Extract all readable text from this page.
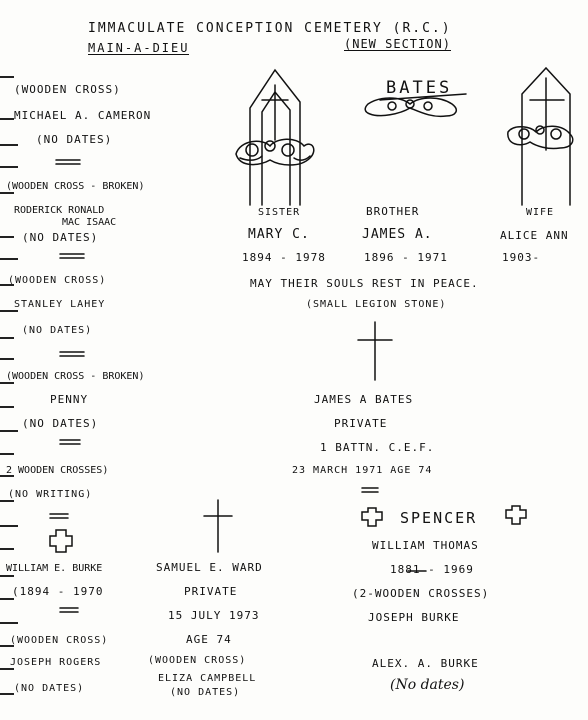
IMMACULATE CONCEPTION CEMETERY (R.C.)
MAIN-A-DIEU	(NEW SECTION)
(WOODEN CROSS)
MICHAEL A. CAMERON
(NO DATES)
(WOODEN CROSS - BROKEN)
RODERICK RONALD
MAC ISAAC
(NO DATES)
(WOODEN CROSS)
STANLEY LAHEY
(NO DATES)
(WOODEN CROSS - BROKEN)
PENNY
(NO DATES)
2 WOODEN CROSSES)
(NO WRITING)
WILLIAM E. BURKE
(1894 - 1970
(WOODEN CROSS)
JOSEPH ROGERS
(NO DATES)
BATES
SISTER
MARY C.
1894 - 1978
BROTHER
JAMES A.
1896 - 1971
WIFE
ALICE ANN
1903-
MAY THEIR SOULS REST IN PEACE.
(SMALL LEGION STONE)
JAMES A BATES
PRIVATE
1 BATTN. C.E.F.
23 MARCH 1971 AGE 74
SAMUEL E. WARD
PRIVATE
15 JULY 1973
AGE 74
(WOODEN CROSS)
ELIZA CAMPBELL
(NO DATES)
SPENCER
WILLIAM THOMAS
1881 - 1969
(2-WOODEN CROSSES)
JOSEPH BURKE
ALEX. A. BURKE
(No dates)
